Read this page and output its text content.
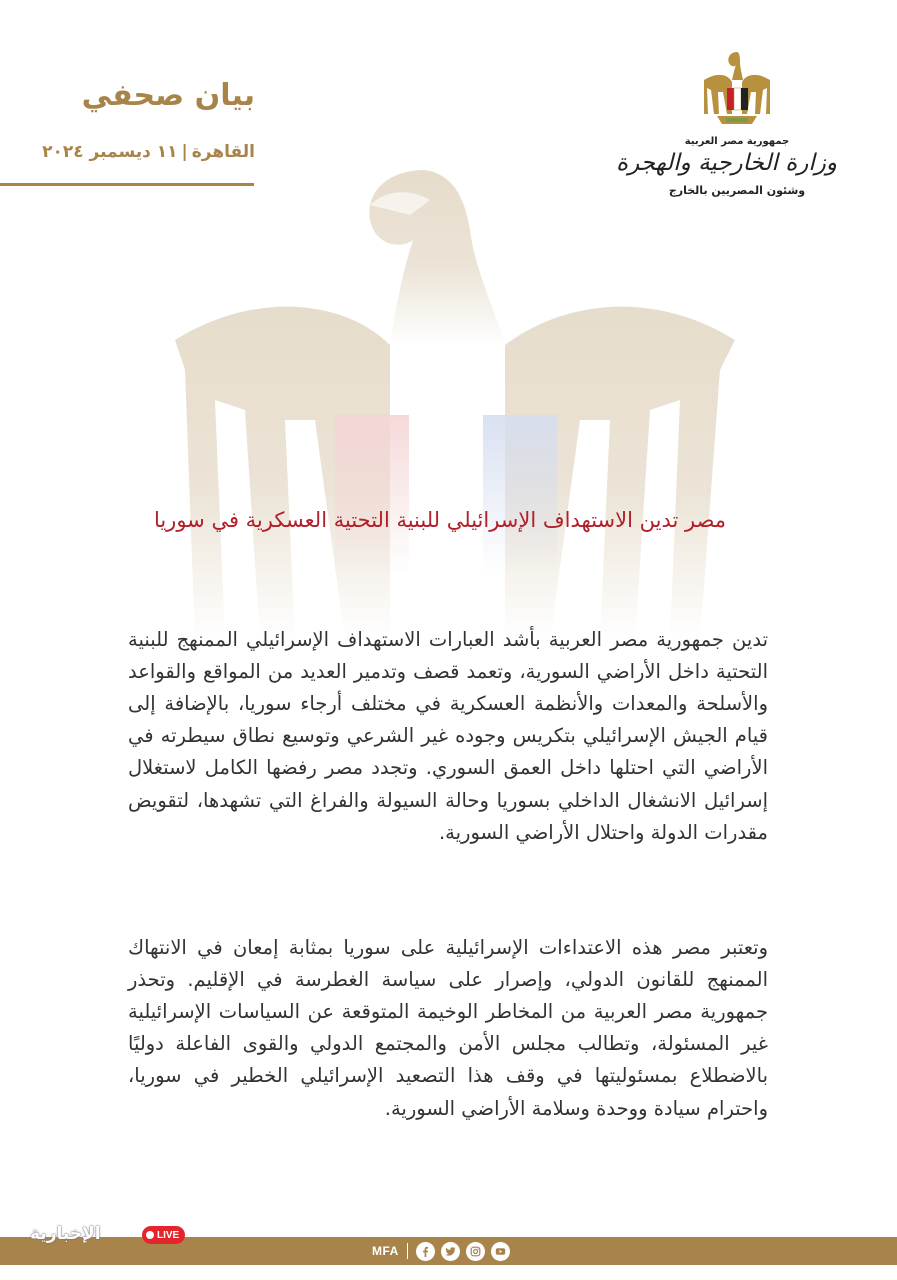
بيان صحفي
القاهرة|١١ ديسمبر ٢٠٢٤
جمهورية مصر العربية
وزارة الخارجية والهجرة
وشئون المصريين بالخارج
مصر تدين الاستهداف الإسرائيلي للبنية التحتية العسكرية في سوريا

تدين جمهورية مصر العربية بأشد العبارات الاستهداف الإسرائيلي الممنهج للبنية التحتية داخل الأراضي السورية، وتعمد قصف وتدمير العديد من المواقع والقواعد والأسلحة والمعدات والأنظمة العسكرية في مختلف أرجاء سوريا، بالإضافة إلى قيام الجيش الإسرائيلي بتكريس وجوده غير الشرعي وتوسيع نطاق سيطرته في الأراضي التي احتلها داخل العمق السوري. وتجدد مصر رفضها الكامل لاستغلال إسرائيل الانشغال الداخلي بسوريا وحالة السيولة والفراغ التي تشهدها، لتقويض مقدرات الدولة واحتلال الأراضي السورية.

وتعتبر مصر هذه الاعتداءات الإسرائيلية على سوريا بمثابة إمعان في الانتهاك الممنهج للقانون الدولي، وإصرار على سياسة الغطرسة في الإقليم. وتحذر جمهورية مصر العربية من المخاطر الوخيمة المتوقعة عن السياسات الإسرائيلية غير المسئولة، وتطالب مجلس الأمن والمجتمع الدولي والقوى الفاعلة دوليًا بالاضطلاع بمسئوليتها في وقف هذا التصعيد الإسرائيلي الخطير في سوريا، واحترام سيادة ووحدة وسلامة الأراضي السورية.

MFA
الإخبارية	LIVE
